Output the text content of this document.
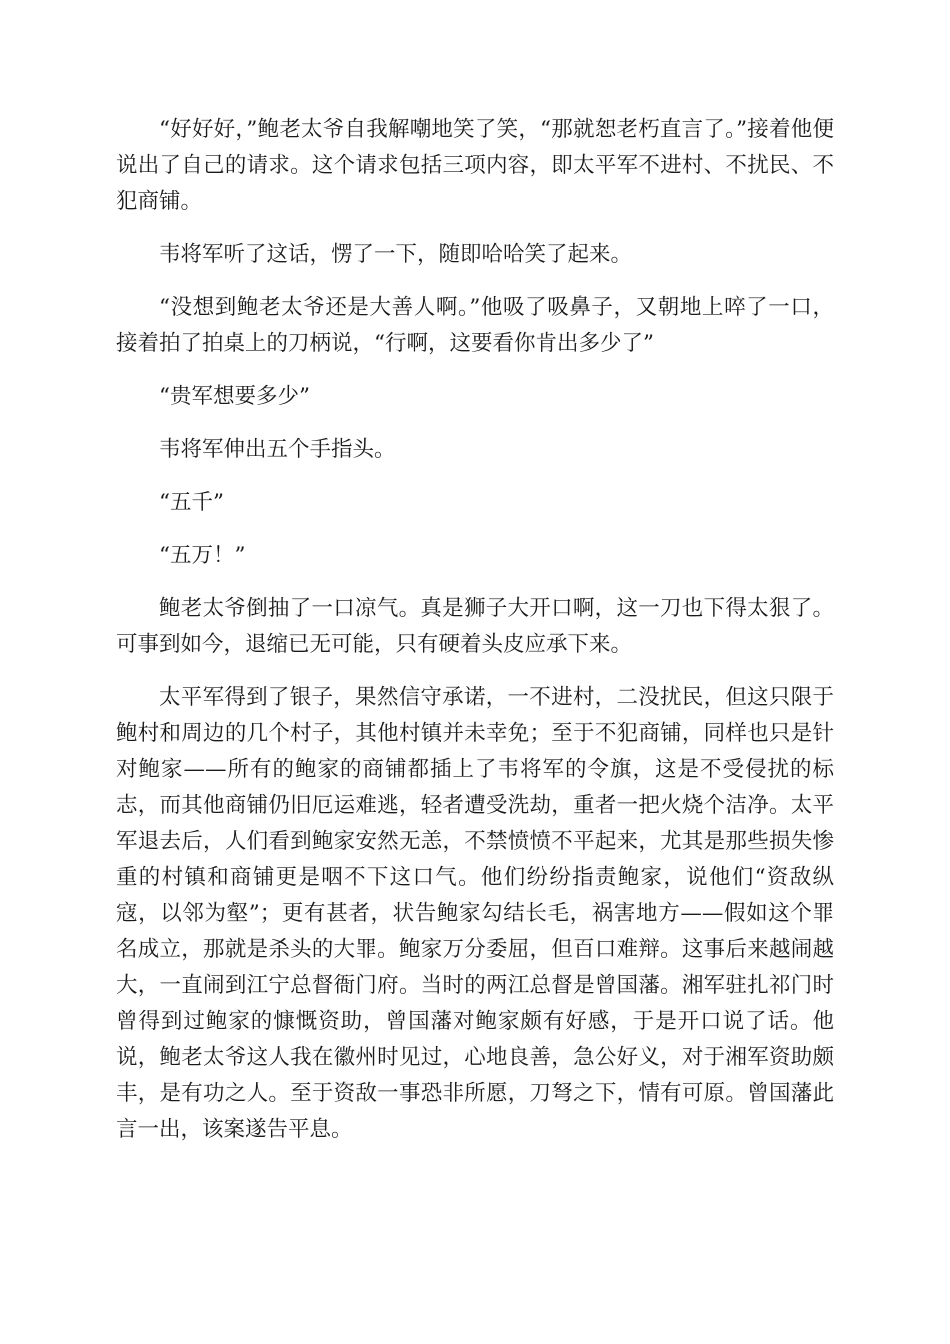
“好好好，”鲍老太爷自我解嘲地笑了笑，“那就恕老朽直言了。”接着他便说出了自己的请求。这个请求包括三项内容，即太平军不进村、不扰民、不犯商铺。

韦将军听了这话，愣了一下，随即哈哈笑了起来。

“没想到鲍老太爷还是大善人啊。”他吸了吸鼻子，又朝地上啐了一口，接着拍了拍桌上的刀柄说，“行啊，这要看你肯出多少了”

“贵军想要多少”

韦将军伸出五个手指头。

“五千”

“五万！”

鲍老太爷倒抽了一口凉气。真是狮子大开口啊，这一刀也下得太狠了。可事到如今，退缩已无可能，只有硬着头皮应承下来。

太平军得到了银子，果然信守承诺，一不进村，二没扰民，但这只限于鲍村和周边的几个村子，其他村镇并未幸免；至于不犯商铺，同样也只是针对鲍家——所有的鲍家的商铺都插上了韦将军的令旗，这是不受侵扰的标志，而其他商铺仍旧厄运难逃，轻者遭受洗劫，重者一把火烧个洁净。太平军退去后，人们看到鲍家安然无恙，不禁愤愤不平起来，尤其是那些损失惨重的村镇和商铺更是咽不下这口气。他们纷纷指责鲍家，说他们“资敌纵寇，以邻为壑”；更有甚者，状告鲍家勾结长毛，祸害地方——假如这个罪名成立，那就是杀头的大罪。鲍家万分委屈，但百口难辩。这事后来越闹越大，一直闹到江宁总督衙门府。当时的两江总督是曾国藩。湘军驻扎祁门时曾得到过鲍家的慷慨资助，曾国藩对鲍家颇有好感，于是开口说了话。他说，鲍老太爷这人我在徽州时见过，心地良善，急公好义，对于湘军资助颇丰，是有功之人。至于资敌一事恐非所愿，刀弩之下，情有可原。曾国藩此言一出，该案遂告平息。
